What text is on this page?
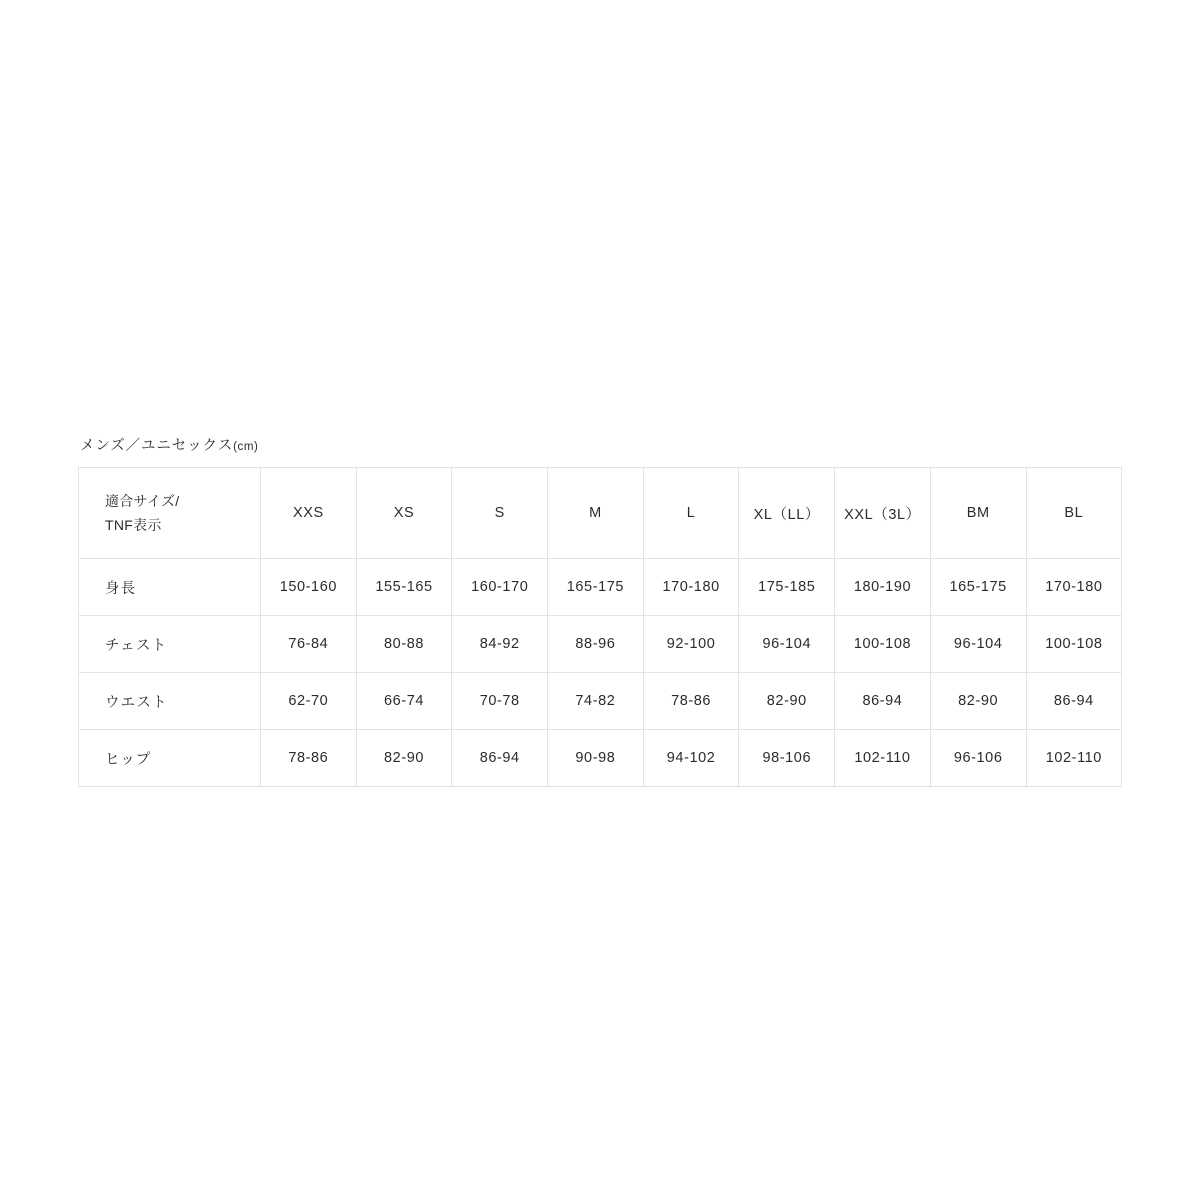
メンズ／ユニセックス(cm)
適合サイズ/
TNF表示	XXS	XS	S	M	L	XL（LL）	XXL（3L）	BM	BL
身長	150-160	155-165	160-170	165-175	170-180	175-185	180-190	165-175	170-180
チェスト	76-84	80-88	84-92	88-96	92-100	96-104	100-108	96-104	100-108
ウエスト	62-70	66-74	70-78	74-82	78-86	82-90	86-94	82-90	86-94
ヒップ	78-86	82-90	86-94	90-98	94-102	98-106	102-110	96-106	102-110
